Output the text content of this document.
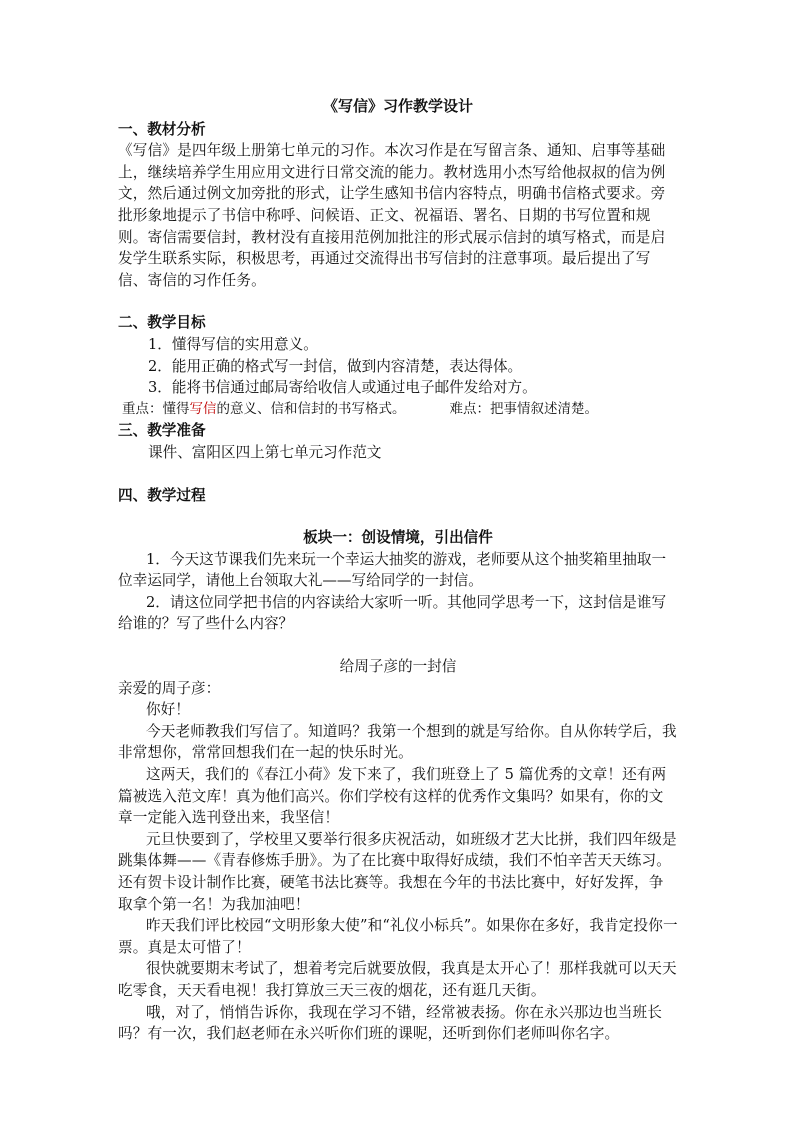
《写信》习作教学设计

一、教材分析

《写信》是四年级上册第七单元的习作。本次习作是在写留言条、通知、启事等基础上，继续培养学生用应用文进行日常交流的能力。教材选用小杰写给他叔叔的信为例文，然后通过例文加旁批的形式，让学生感知书信内容特点，明确书信格式要求。旁批形象地提示了书信中称呼、问候语、正文、祝福语、署名、日期的书写位置和规则。寄信需要信封，教材没有直接用范例加批注的形式展示信封的填写格式，而是启发学生联系实际，积极思考，再通过交流得出书写信封的注意事项。最后提出了写信、寄信的习作任务。

二、教学目标

1．懂得写信的实用意义。

2．能用正确的格式写一封信，做到内容清楚，表达得体。

3．能将书信通过邮局寄给收信人或通过电子邮件发给对方。

重点：懂得写信的意义、信和信封的书写格式。	难点：把事情叙述清楚。

三、教学准备

课件、富阳区四上第七单元习作范文

四、教学过程

板块一：创设情境，引出信件

1．今天这节课我们先来玩一个幸运大抽奖的游戏，老师要从这个抽奖箱里抽取一位幸运同学，请他上台领取大礼——写给同学的一封信。

2．请这位同学把书信的内容读给大家听一听。其他同学思考一下，这封信是谁写给谁的？写了些什么内容？

给周子彦的一封信

亲爱的周子彦：

你好！

今天老师教我们写信了。知道吗？我第一个想到的就是写给你。自从你转学后，我非常想你，常常回想我们在一起的快乐时光。

这两天，我们的《春江小荷》发下来了，我们班登上了 5 篇优秀的文章！还有两篇被选入范文库！真为他们高兴。你们学校有这样的优秀作文集吗？如果有，你的文章一定能入选刊登出来，我坚信！

元旦快要到了，学校里又要举行很多庆祝活动，如班级才艺大比拼，我们四年级是跳集体舞——《青春修炼手册》。为了在比赛中取得好成绩，我们不怕辛苦天天练习。还有贺卡设计制作比赛，硬笔书法比赛等。我想在今年的书法比赛中，好好发挥，争取拿个第一名！为我加油吧！

昨天我们评比校园“文明形象大使”和“礼仪小标兵”。如果你在多好，我肯定投你一票。真是太可惜了！

很快就要期末考试了，想着考完后就要放假，我真是太开心了！那样我就可以天天吃零食，天天看电视！我打算放三天三夜的烟花，还有逛几天街。

哦，对了，悄悄告诉你，我现在学习不错，经常被表扬。你在永兴那边也当班长吗？有一次，我们赵老师在永兴听你们班的课呢，还听到你们老师叫你名字。
